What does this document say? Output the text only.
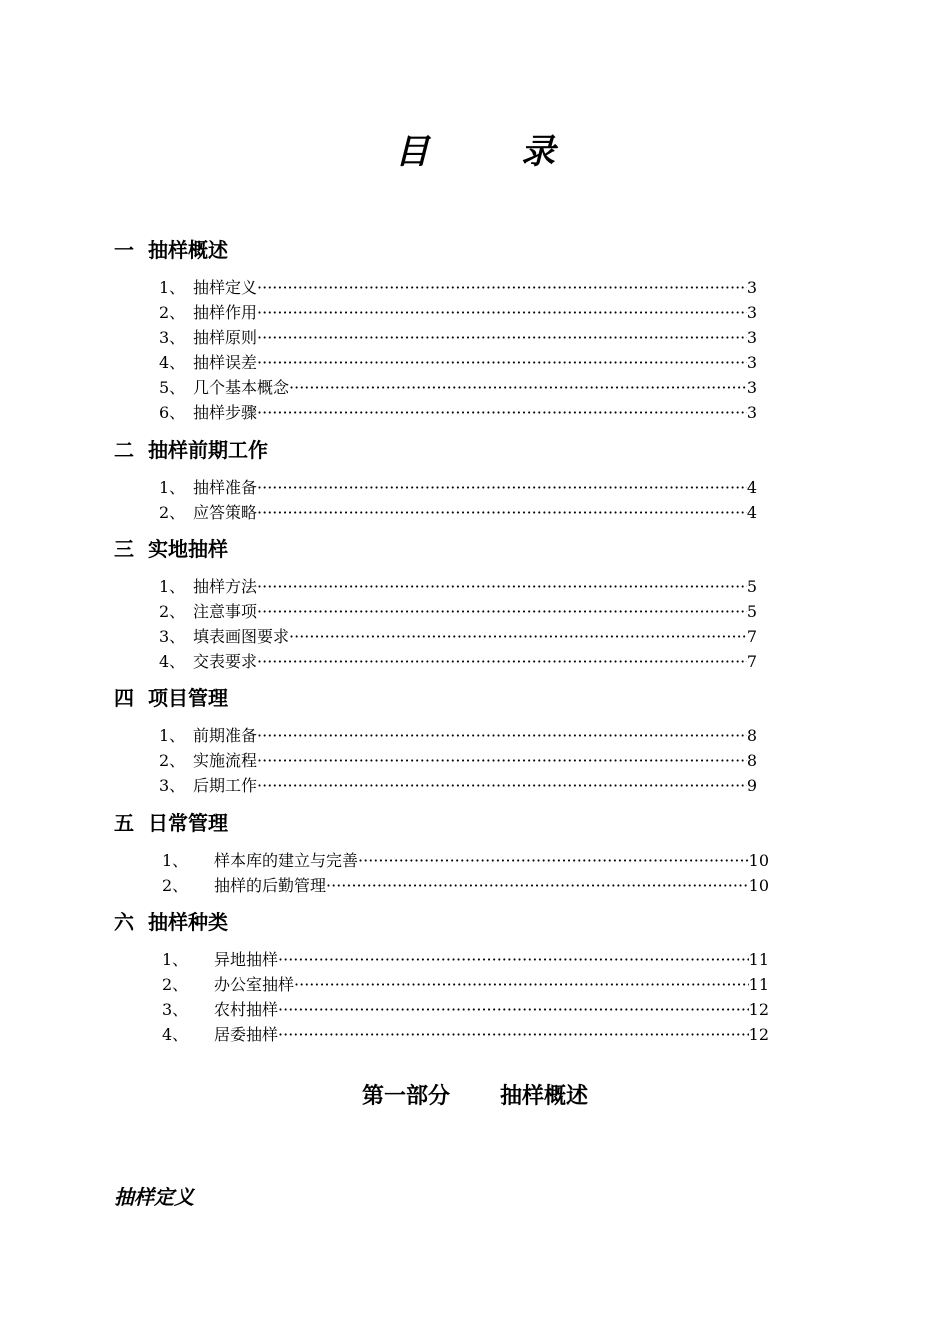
目	录
一 抽样概述
1、 抽样定义 ·····	3
2、 抽样作用 ·····	3
3、 抽样原则 ·····	3
4、 抽样误差 ·····	3
5、 几个基本概念 ·····	3
6、 抽样步骤 ·····	3
二 抽样前期工作
1、 抽样准备 ·····	4
2、 应答策略 ·····	4
三 实地抽样
1、 抽样方法 ·····	5
2、 注意事项 ·····	5
3、 填表画图要求 ·····	7
4、 交表要求 ·····	7
四 项目管理
1、 前期准备 ·····	8
2、 实施流程 ·····	8
3、 后期工作 ·····	9
五 日常管理
1、	样本库的建立与完善 ·····	10
2、	抽样的后勤管理 ·····	10
六 抽样种类
1、	异地抽样 ·····	11
2、	办公室抽样 ·····	11
3、	农村抽样 ·····	12
4、	居委抽样 ·····	12
第一部分 抽样概述
抽样定义
